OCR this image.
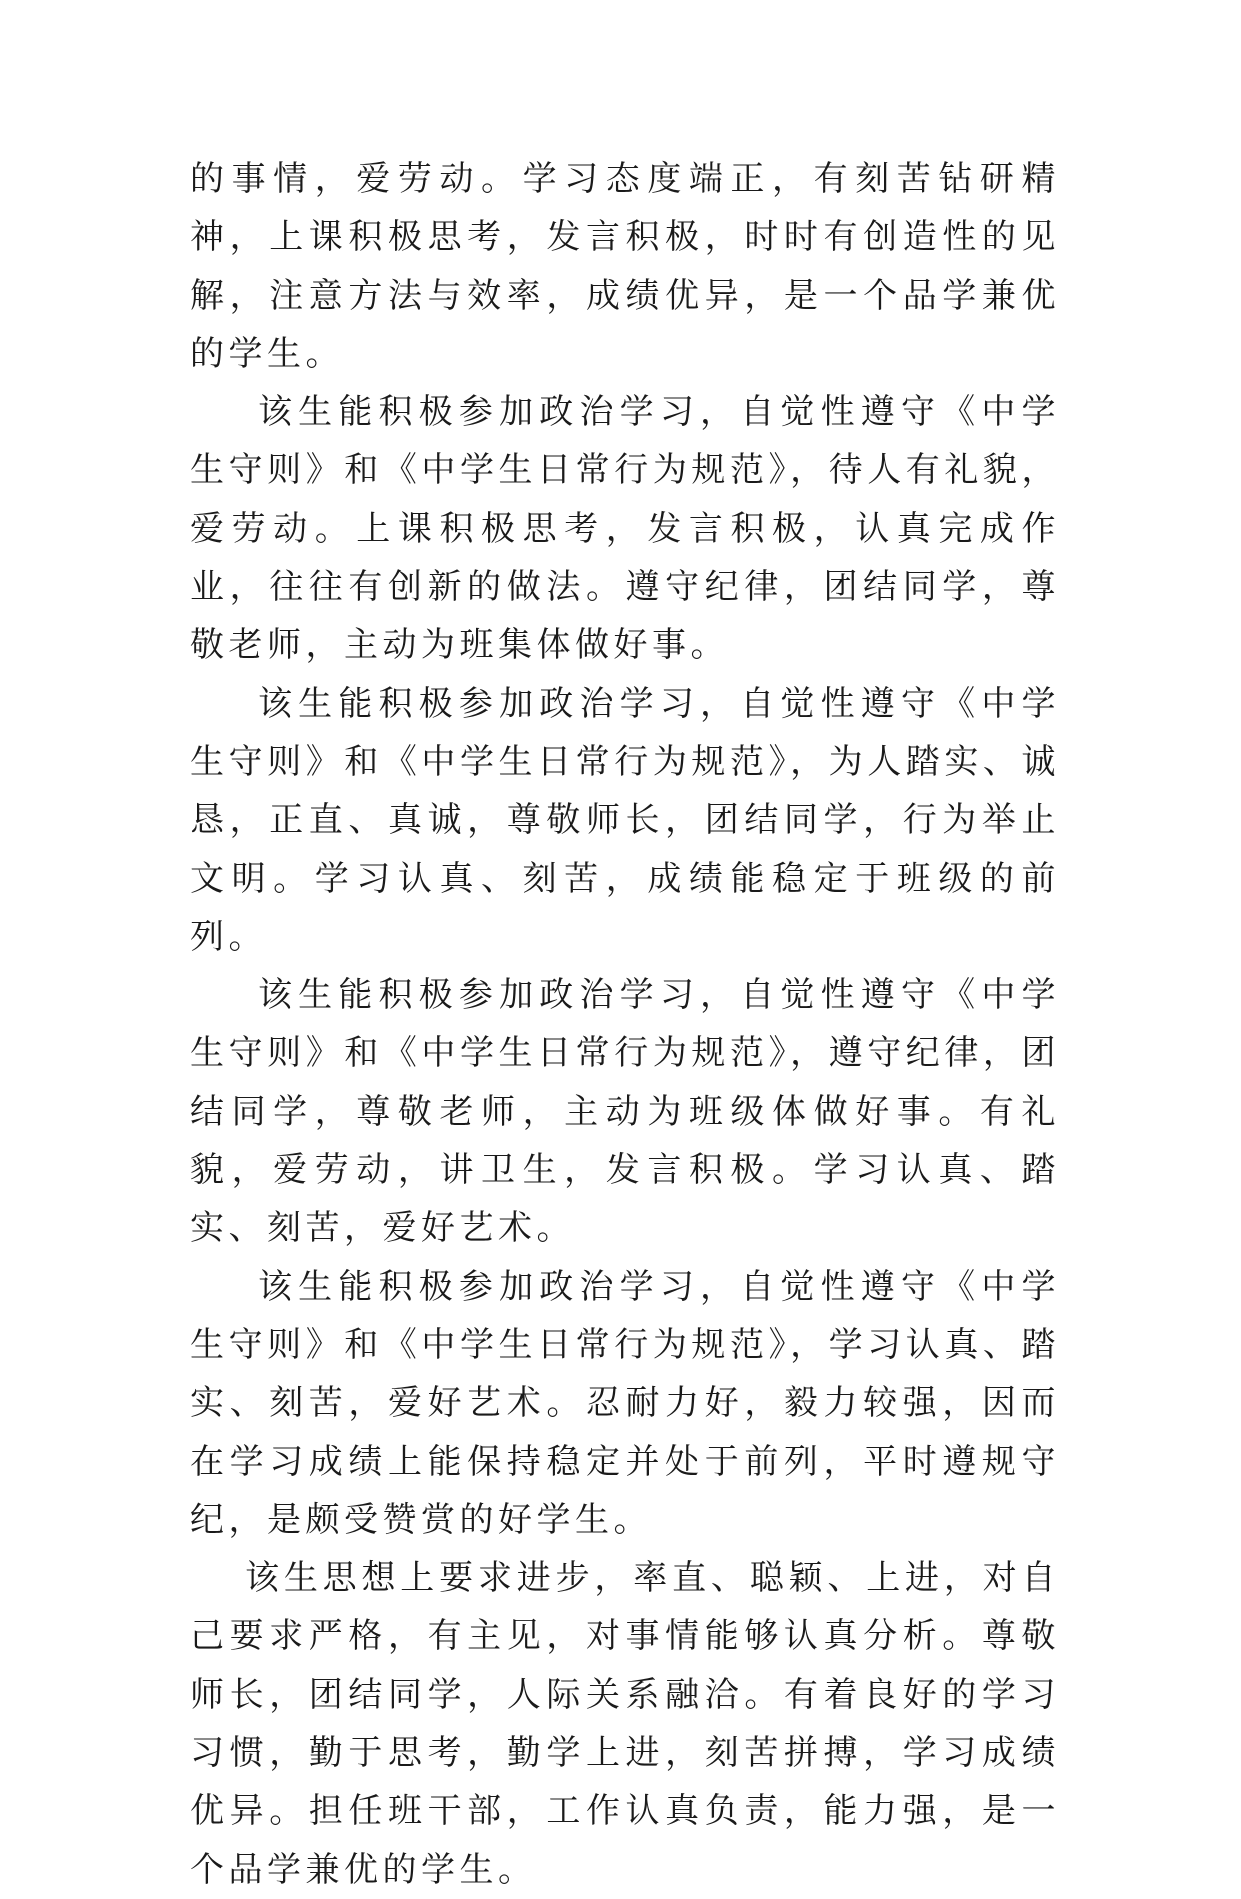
的事情，爱劳动。学习态度端正，有刻苦钻研精神，上课积极思考，发言积极，时时有创造性的见解，注意方法与效率，成绩优异，是一个品学兼优的学生。

该生能积极参加政治学习，自觉性遵守《中学生守则》和《中学生日常行为规范》，待人有礼貌，爱劳动。上课积极思考，发言积极，认真完成作业，往往有创新的做法。遵守纪律，团结同学，尊敬老师，主动为班集体做好事。

该生能积极参加政治学习，自觉性遵守《中学生守则》和《中学生日常行为规范》，为人踏实、诚恳，正直、真诚，尊敬师长，团结同学，行为举止文明。学习认真、刻苦，成绩能稳定于班级的前列。

该生能积极参加政治学习，自觉性遵守《中学生守则》和《中学生日常行为规范》，遵守纪律，团结同学，尊敬老师，主动为班级体做好事。有礼貌，爱劳动，讲卫生，发言积极。学习认真、踏实、刻苦，爱好艺术。

该生能积极参加政治学习，自觉性遵守《中学生守则》和《中学生日常行为规范》，学习认真、踏实、刻苦，爱好艺术。忍耐力好，毅力较强，因而在学习成绩上能保持稳定并处于前列，平时遵规守纪，是颇受赞赏的好学生。

该生思想上要求进步，率直、聪颖、上进，对自己要求严格，有主见，对事情能够认真分析。尊敬师长，团结同学，人际关系融洽。有着良好的学习习惯，勤于思考，勤学上进，刻苦拼搏，学习成绩优异。担任班干部，工作认真负责，能力强，是一个品学兼优的学生。
